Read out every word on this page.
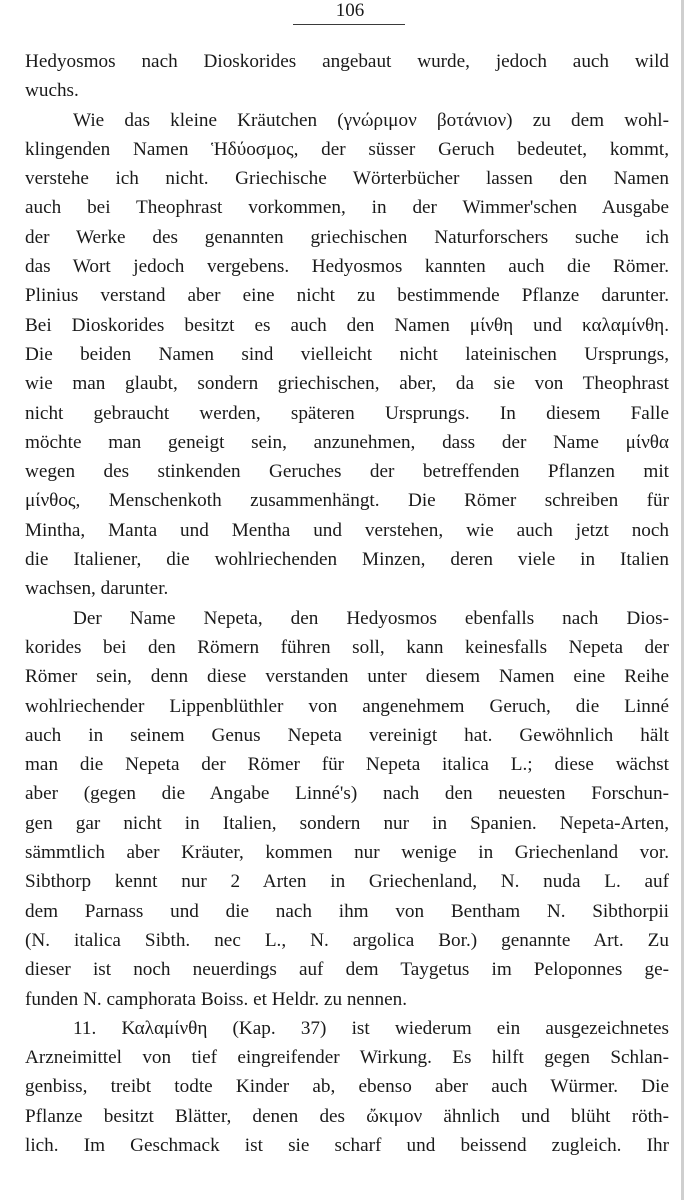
106
Hedyosmos nach Dioskorides angebaut wurde, jedoch auch wild
wuchs.
Wie das kleine Kräutchen (γνώριμον βοτάνιον) zu dem wohl-
klingenden Namen Ἡδύοσμος, der süsser Geruch bedeutet, kommt,
verstehe ich nicht. Griechische Wörterbücher lassen den Namen
auch bei Theophrast vorkommen, in der Wimmer'schen Ausgabe
der Werke des genannten griechischen Naturforschers suche ich
das Wort jedoch vergebens. Hedyosmos kannten auch die Römer.
Plinius verstand aber eine nicht zu bestimmende Pflanze darunter.
Bei Dioskorides besitzt es auch den Namen μίνθη und καλαμίνθη.
Die beiden Namen sind vielleicht nicht lateinischen Ursprungs,
wie man glaubt, sondern griechischen, aber, da sie von Theophrast
nicht gebraucht werden, späteren Ursprungs. In diesem Falle
möchte man geneigt sein, anzunehmen, dass der Name μίνθα
wegen des stinkenden Geruches der betreffenden Pflanzen mit
μίνθος, Menschenkoth zusammenhängt. Die Römer schreiben für
Mintha, Manta und Mentha und verstehen, wie auch jetzt noch
die Italiener, die wohlriechenden Minzen, deren viele in Italien
wachsen, darunter.
Der Name Nepeta, den Hedyosmos ebenfalls nach Dios-
korides bei den Römern führen soll, kann keinesfalls Nepeta der
Römer sein, denn diese verstanden unter diesem Namen eine Reihe
wohlriechender Lippenblüthler von angenehmem Geruch, die Linné
auch in seinem Genus Nepeta vereinigt hat. Gewöhnlich hält
man die Nepeta der Römer für Nepeta italica L.; diese wächst
aber (gegen die Angabe Linné's) nach den neuesten Forschun-
gen gar nicht in Italien, sondern nur in Spanien. Nepeta-Arten,
sämmtlich aber Kräuter, kommen nur wenige in Griechenland vor.
Sibthorp kennt nur 2 Arten in Griechenland, N. nuda L. auf
dem Parnass und die nach ihm von Bentham N. Sibthorpii
(N. italica Sibth. nec L., N. argolica Bor.) genannte Art. Zu
dieser ist noch neuerdings auf dem Taygetus im Peloponnes ge-
funden N. camphorata Boiss. et Heldr. zu nennen.
11. Καλαμίνθη (Kap. 37) ist wiederum ein ausgezeichnetes
Arzneimittel von tief eingreifender Wirkung. Es hilft gegen Schlan-
genbiss, treibt todte Kinder ab, ebenso aber auch Würmer. Die
Pflanze besitzt Blätter, denen des ὤκιμον ähnlich und blüht röth-
lich. Im Geschmack ist sie scharf und beissend zugleich. Ihr
